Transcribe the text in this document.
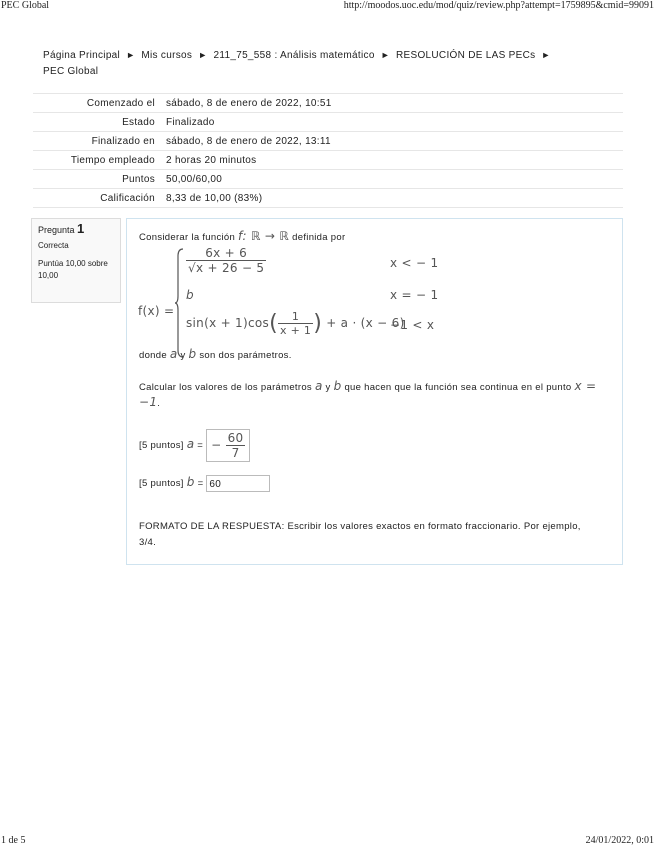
PEC Global	http://moodos.uoc.edu/mod/quiz/review.php?attempt=1759895&cmid=99091
Página Principal ► Mis cursos ► 211_75_558 : Análisis matemático ► RESOLUCIÓN DE LAS PECs ►
PEC Global
Comenzado el	sábado, 8 de enero de 2022, 10:51
Estado	Finalizado
Finalizado en	sábado, 8 de enero de 2022, 13:11
Tiempo empleado	2 horas 20 minutos
Puntos	50,00/60,00
Calificación	8,33 de 10,00 (83%)
Pregunta 1
Correcta
Puntúa 10,00 sobre 10,00
Considerar la función f: ℝ → ℝ definida por
f(x) =
$\frac{6x + 6}{√x + 26 - 5}$	x < − 1
b	x = − 1
$\sin(x + 1)\cos( \frac{1}{x + 1}$ ) + a · (x − 6)
−1 < x
donde a y b son dos parámetros.
Calcular los valores de los parámetros a y b que hacen que la función sea continua en el punto x = −1.
[5 puntos] a = − $\frac{60}{7}$
[5 puntos] b = 60
FORMATO DE LA RESPUESTA: Escribir los valores exactos en formato fraccionario. Por ejemplo, 3/4.
1 de 5	24/01/2022, 0:01
